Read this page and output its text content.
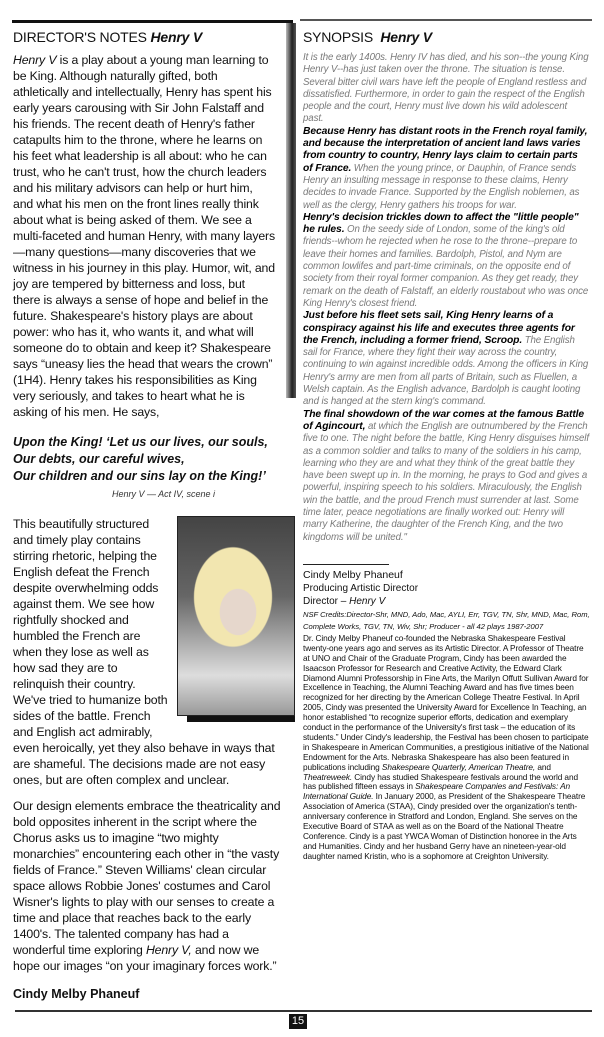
DIRECTOR'S NOTES Henry V

Henry V is a play about a young man learning to be King. Although naturally gifted, both athletically and intellectually, Henry has spent his early years carousing with Sir John Falstaff and his friends. The recent death of Henry's father catapults him to the throne, where he learns on his feet what leadership is all about: who he can trust, who he can't trust, how the church leaders and his military advisors can help or hurt him, and what his men on the front lines really think about what is being asked of them. We see a multi-faceted and human Henry, with many layers—many questions—many discoveries that we witness in his journey in this play. Humor, wit, and joy are tempered by bitterness and loss, but there is always a sense of hope and belief in the future. Shakespeare's history plays are about power: who has it, who wants it, and what will someone do to obtain and keep it? Shakespeare says “uneasy lies the head that wears the crown” (1H4). Henry takes his responsibilities as King very seriously, and takes to heart what he is asking of his men. He says,

Upon the King! ‘Let us our lives, our souls,
Our debts, our careful wives,
Our children and our sins lay on the King!’
Henry V — Act IV, scene i

This beautifully structured and timely play contains stirring rhetoric, helping the English defeat the French despite overwhelming odds against them. We see how rightfully shocked and humbled the French are when they lose as well as how sad they are to relinquish their country. We've tried to humanize both sides of the battle. French and English act admirably, even heroically, yet they also behave in ways that are shameful. The decisions made are not easy ones, but are often complex and unclear.

Our design elements embrace the theatricality and bold opposites inherent in the script where the Chorus asks us to imagine “two mighty monarchies” encountering each other in “the vasty fields of France.” Steven Williams' clean circular space allows Robbie Jones' costumes and Carol Wisner's lights to play with our senses to create a time and place that reaches back to the early 1400's. The talented company has had a wonderful time exploring Henry V, and now we hope our images “on your imaginary forces work.”

Cindy Melby Phaneuf
SYNOPSIS Henry V

It is the early 1400s. Henry IV has died, and his son--the young King Henry V--has just taken over the throne. The situation is tense. Several bitter civil wars have left the people of England restless and dissatisfied. Furthermore, in order to gain the respect of the English people and the court, Henry must live down his wild adolescent past.

Because Henry has distant roots in the French royal family, and because the interpretation of ancient land laws varies from country to country, Henry lays claim to certain parts of France. When the young prince, or Dauphin, of France sends Henry an insulting message in response to these claims, Henry decides to invade France. Supported by the English noblemen, as well as the clergy, Henry gathers his troops for war.

Henry's decision trickles down to affect the "little people" he rules. On the seedy side of London, some of the king's old friends--whom he rejected when he rose to the throne--prepare to leave their homes and families. Bardolph, Pistol, and Nym are common lowlifes and part-time criminals, on the opposite end of society from their royal former companion. As they get ready, they remark on the death of Falstaff, an elderly roustabout who was once King Henry's closest friend.

Just before his fleet sets sail, King Henry learns of a conspiracy against his life and executes three agents for the French, including a former friend, Scroop. The English sail for France, where they fight their way across the country, continuing to win against incredible odds. Among the officers in King Henry's army are men from all parts of Britain, such as Fluellen, a Welsh captain. As the English advance, Bardolph is caught looting and is hanged at the stern king's command.

The final showdown of the war comes at the famous Battle of Agincourt, at which the English are outnumbered by the French five to one. The night before the battle, King Henry disguises himself as a common soldier and talks to many of the soldiers in his camp, learning who they are and what they think of the great battle they have been swept up in. In the morning, he prays to God and gives a powerful, inspiring speech to his soldiers. Miraculously, the English win the battle, and the proud French must surrender at last. Some time later, peace negotiations are finally worked out: Henry will marry Katherine, the daughter of the French King, and the two kingdoms will be united."

Cindy Melby Phaneuf
Producing Artistic Director
Director – Henry V
NSF Credits:Director-Shr, MND, Ado, Mac, AYLI, Err, TGV, TN, Shr, MND, Mac, Rom, Complete Works, TGV, TN, Wiv, Shr; Producer - all 42 plays 1987-2007
Dr. Cindy Melby Phaneuf co-founded the Nebraska Shakespeare Festival twenty-one years ago and serves as its Artistic Director. A Professor of Theatre at UNO and Chair of the Graduate Program, Cindy has been awarded the Isaacson Professor for Research and Creative Activity, the Edward Clark Diamond Alumni Professorship in Fine Arts, the Marilyn Offutt Sullivan Award for Excellence in Teaching, the Alumni Teaching Award and has five times been recognized for her directing by the American College Theatre Festival. In April 2005, Cindy was presented the University Award for Excellence In Teaching, an honor established “to recognize superior efforts, dedication and exemplary conduct in the performance of the University's first task – the education of its students.” Under Cindy's leadership, the Festival has been chosen to participate in Shakespeare in American Communities, a prestigious initiative of the National Endowment for the Arts. Nebraska Shakespeare has also been featured in publications including Shakespeare Quarterly, American Theatre, and Theatreweek. Cindy has studied Shakespeare festivals around the world and has published fifteen essays in Shakespeare Companies and Festivals: An International Guide. In January 2000, as President of the Shakespeare Theatre Association of America (STAA), Cindy presided over the organization's tenth-anniversary conference in Stratford and London, England. She serves on the Executive Board of STAA as well as on the Board of the National Theatre Conference. Cindy is a past YWCA Woman of Distinction honoree in the Arts and Humanities. Cindy and her husband Gerry have an nineteen-year-old daughter named Kristin, who is a sophomore at Creighton University.
15
